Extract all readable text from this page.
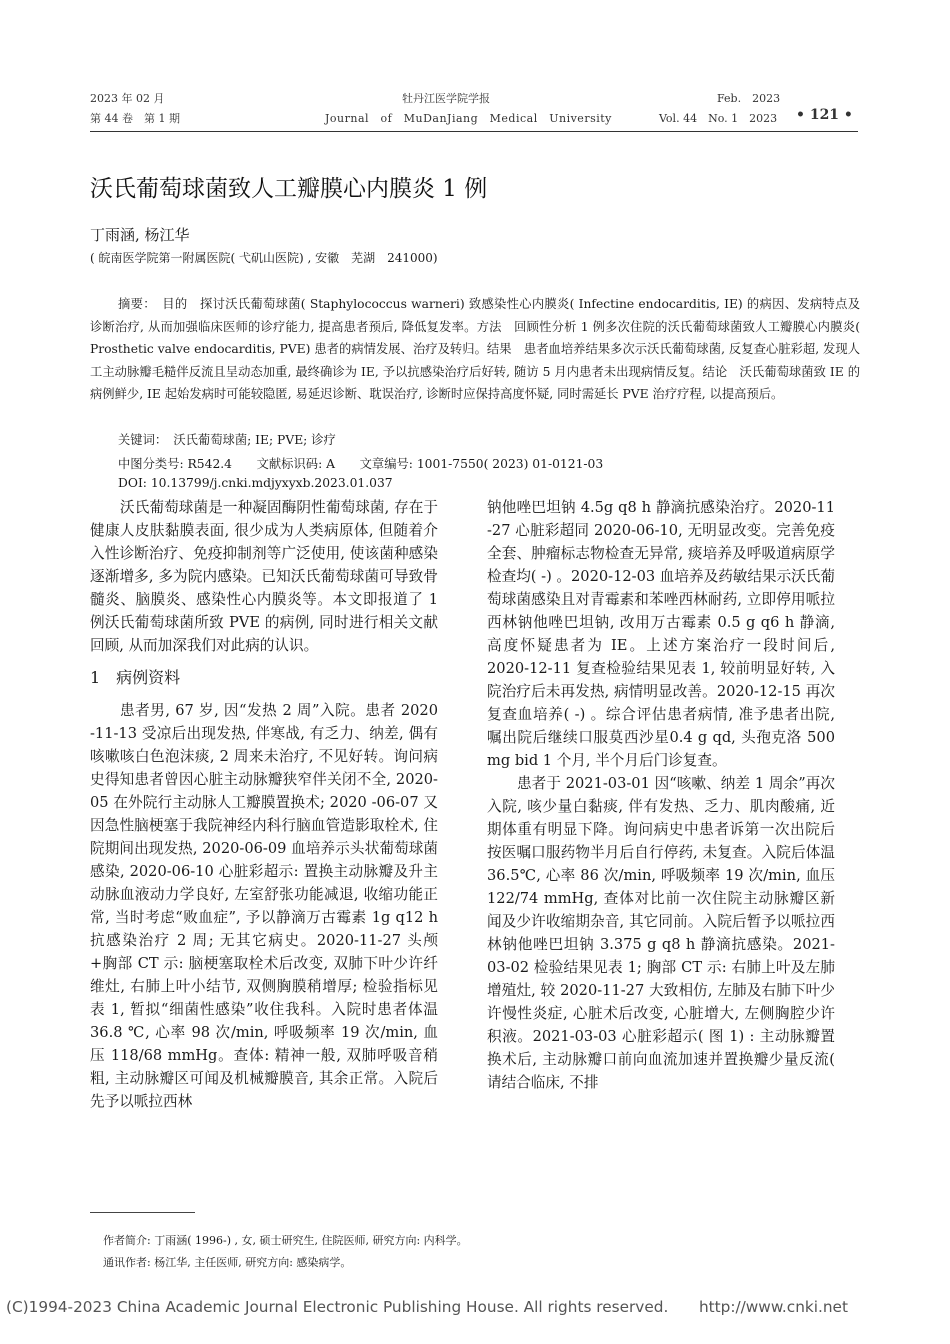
2023 年 02 月
第 44 卷　第 1 期
牡丹江医学院学报
Journal　of　MuDanJiang　Medical　University
Feb.　2023
Vol. 44　No. 1　2023 • 121 •
沃氏葡萄球菌致人工瓣膜心内膜炎 1 例
丁雨涵, 杨江华
( 皖南医学院第一附属医院( 弋矶山医院) , 安徽　芜湖　241000)
摘要：　目的　探讨沃氏葡萄球菌( Staphylococcus warneri) 致感染性心内膜炎( Infectine endocarditis, IE) 的病因、发病特点及诊断治疗, 从而加强临床医师的诊疗能力, 提高患者预后, 降低复发率。方法　回顾性分析 1 例多次住院的沃氏葡萄球菌致人工瓣膜心内膜炎( Prosthetic valve endocarditis, PVE) 患者的病情发展、治疗及转归。结果　患者血培养结果多次示沃氏葡萄球菌, 反复查心脏彩超, 发现人工主动脉瓣毛糙伴反流且呈动态加重, 最终确诊为 IE, 予以抗感染治疗后好转, 随访 5 月内患者未出现病情反复。结论　沃氏葡萄球菌致 IE 的病例鲜少, IE 起始发病时可能较隐匿, 易延迟诊断、耽误治疗, 诊断时应保持高度怀疑, 同时需延长 PVE 治疗疗程, 以提高预后。
关键词：　沃氏葡萄球菌; IE; PVE; 诊疗
中图分类号: R542.4　　文献标识码: A　　文章编号: 1001-7550( 2023) 01-0121-03
DOI: 10.13799/j.cnki.mdjyxyxb.2023.01.037

沃氏葡萄球菌是一种凝固酶阴性葡萄球菌, 存在于健康人皮肤黏膜表面, 很少成为人类病原体, 但随着介入性诊断治疗、免疫抑制剂等广泛使用, 使该菌种感染逐渐增多, 多为院内感染。已知沃氏葡萄球菌可导致骨髓炎、脑膜炎、感染性心内膜炎等。本文即报道了 1 例沃氏葡萄球菌所致 PVE 的病例, 同时进行相关文献回顾, 从而加深我们对此病的认识。

1　病例资料

患者男, 67 岁, 因“发热 2 周”入院。患者 2020 -11-13 受凉后出现发热, 伴寒战, 有乏力、纳差, 偶有咳嗽咳白色泡沫痰, 2 周来未治疗, 不见好转。询问病史得知患者曾因心脏主动脉瓣狭窄伴关闭不全, 2020-05 在外院行主动脉人工瓣膜置换术; 2020 -06-07 又因急性脑梗塞于我院神经内科行脑血管造影取栓术, 住院期间出现发热, 2020-06-09 血培养示头状葡萄球菌感染, 2020-06-10 心脏彩超示: 置换主动脉瓣及升主动脉血液动力学良好, 左室舒张功能减退, 收缩功能正常, 当时考虑“败血症”, 予以静滴万古霉素 1g q12 h 抗感染治疗 2 周; 无其它病史。2020-11-27 头颅+胸部 CT 示: 脑梗塞取栓术后改变, 双肺下叶少许纤维灶, 右肺上叶小结节, 双侧胸膜稍增厚; 检验指标见表 1, 暂拟“细菌性感染”收住我科。入院时患者体温36.8 ℃, 心率 98 次/min, 呼吸频率 19 次/min, 血压 118/68 mmHg。查体: 精神一般, 双肺呼吸音稍粗, 主动脉瓣区可闻及机械瓣膜音, 其余正常。入院后先予以哌拉西林

钠他唑巴坦钠 4.5g q8 h 静滴抗感染治疗。2020-11 -27 心脏彩超同 2020-06-10, 无明显改变。完善免疫全套、肿瘤标志物检查无异常, 痰培养及呼吸道病原学检查均( -) 。2020-12-03 血培养及药敏结果示沃氏葡萄球菌感染且对青霉素和苯唑西林耐药, 立即停用哌拉西林钠他唑巴坦钠, 改用万古霉素 0.5 g q6 h 静滴, 高度怀疑患者为 IE。上述方案治疗一段时间后, 2020-12-11 复查检验结果见表 1, 较前明显好转, 入院治疗后未再发热, 病情明显改善。2020-12-15 再次复查血培养( -) 。综合评估患者病情, 准予患者出院, 嘱出院后继续口服莫西沙星0.4 g qd, 头孢克洛 500 mg bid 1 个月, 半个月后门诊复查。

患者于 2021-03-01 因“咳嗽、纳差 1 周余”再次入院, 咳少量白黏痰, 伴有发热、乏力、肌肉酸痛, 近期体重有明显下降。询问病史中患者诉第一次出院后按医嘱口服药物半月后自行停药, 未复查。入院后体温 36.5℃, 心率 86 次/min, 呼吸频率 19 次/min, 血压 122/74 mmHg, 查体对比前一次住院主动脉瓣区新闻及少许收缩期杂音, 其它同前。入院后暂予以哌拉西林钠他唑巴坦钠 3.375 g q8 h 静滴抗感染。2021-03-02 检验结果见表 1; 胸部 CT 示: 右肺上叶及左肺增殖灶, 较 2020-11-27 大致相仿, 左肺及右肺下叶少许慢性炎症, 心脏术后改变, 心脏增大, 左侧胸腔少许积液。2021-03-03 心脏彩超示( 图 1) : 主动脉瓣置换术后, 主动脉瓣口前向血流加速并置换瓣少量反流( 请结合临床, 不排

作者简介: 丁雨涵( 1996-) , 女, 硕士研究生, 住院医师, 研究方向: 内科学。
通讯作者: 杨江华, 主任医师, 研究方向: 感染病学。
(C)1994-2023 China Academic Journal Electronic Publishing House. All rights reserved.　　http://www.cnki.net
